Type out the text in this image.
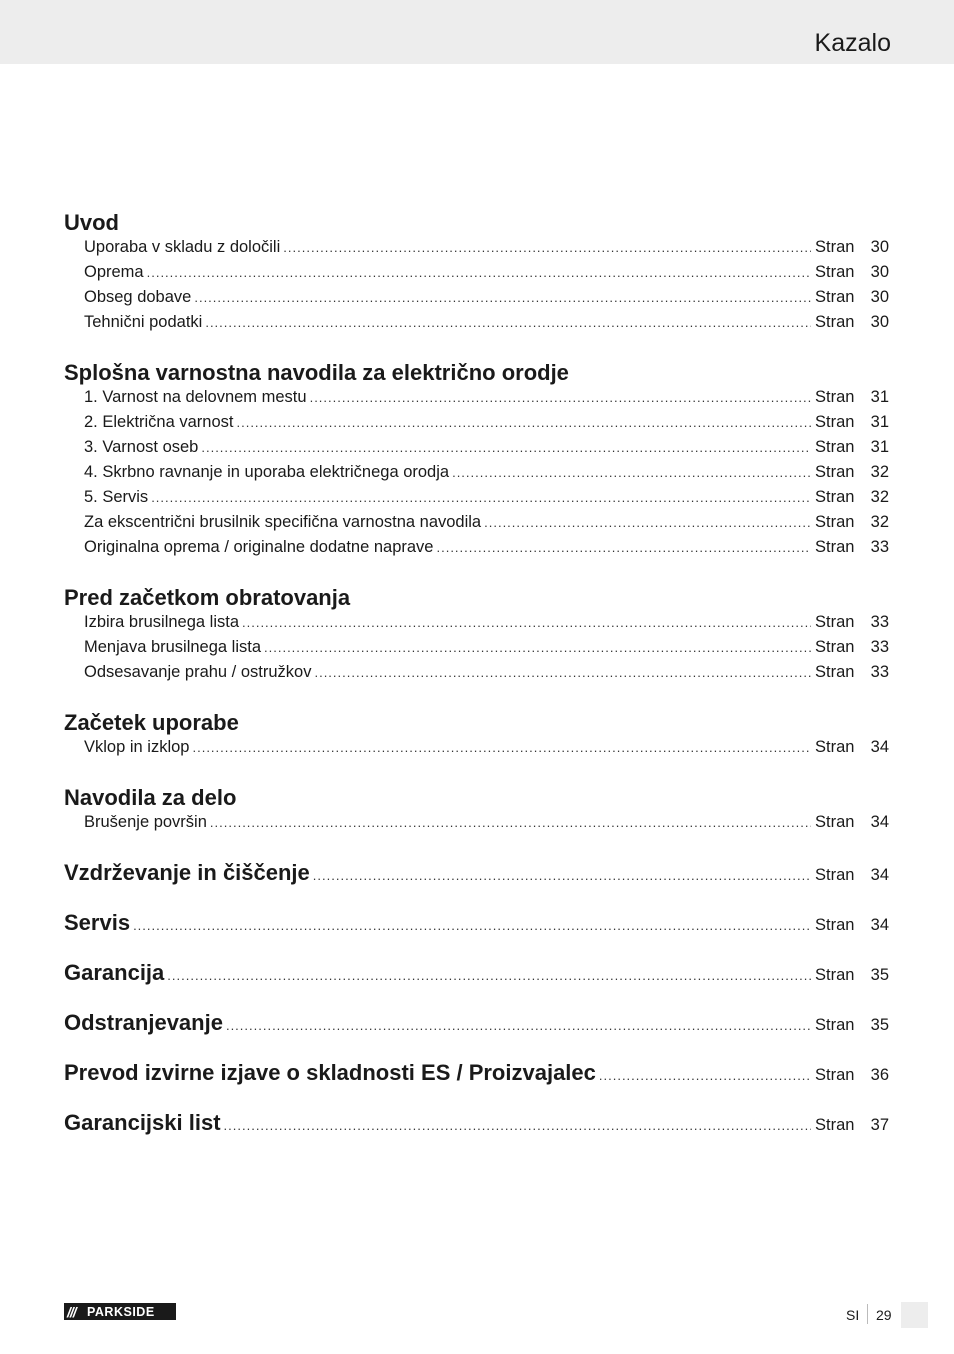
Kazalo
Uvod
Uporaba v skladu z določili .....	Stran 30
Oprema .....	Stran 30
Obseg dobave .....	Stran 30
Tehnični podatki .....	Stran 30
Splošna varnostna navodila za električno orodje
1. Varnost na delovnem mestu .....	Stran 31
2. Električna varnost .....	Stran 31
3. Varnost oseb .....	Stran 31
4. Skrbno ravnanje in uporaba električnega orodja .....	Stran 32
5. Servis .....	Stran 32
Za ekscentrični brusilnik specifična varnostna navodila .....	Stran 32
Originalna oprema / originalne dodatne naprave .....	Stran 33
Pred začetkom obratovanja
Izbira brusilnega lista .....	Stran 33
Menjava brusilnega lista .....	Stran 33
Odsesavanje prahu / ostružkov .....	Stran 33
Začetek uporabe
Vklop in izklop .....	Stran 34
Navodila za delo
Brušenje površin .....	Stran 34
Vzdrževanje in čiščenje .....	Stran 34
Servis .....	Stran 34
Garancija .....	Stran 35
Odstranjevanje .....	Stran 35
Prevod izvirne izjave o skladnosti ES / Proizvajalec .....	Stran 36
Garancijski list .....	Stran 37
/// PARKSIDE	SI 29
